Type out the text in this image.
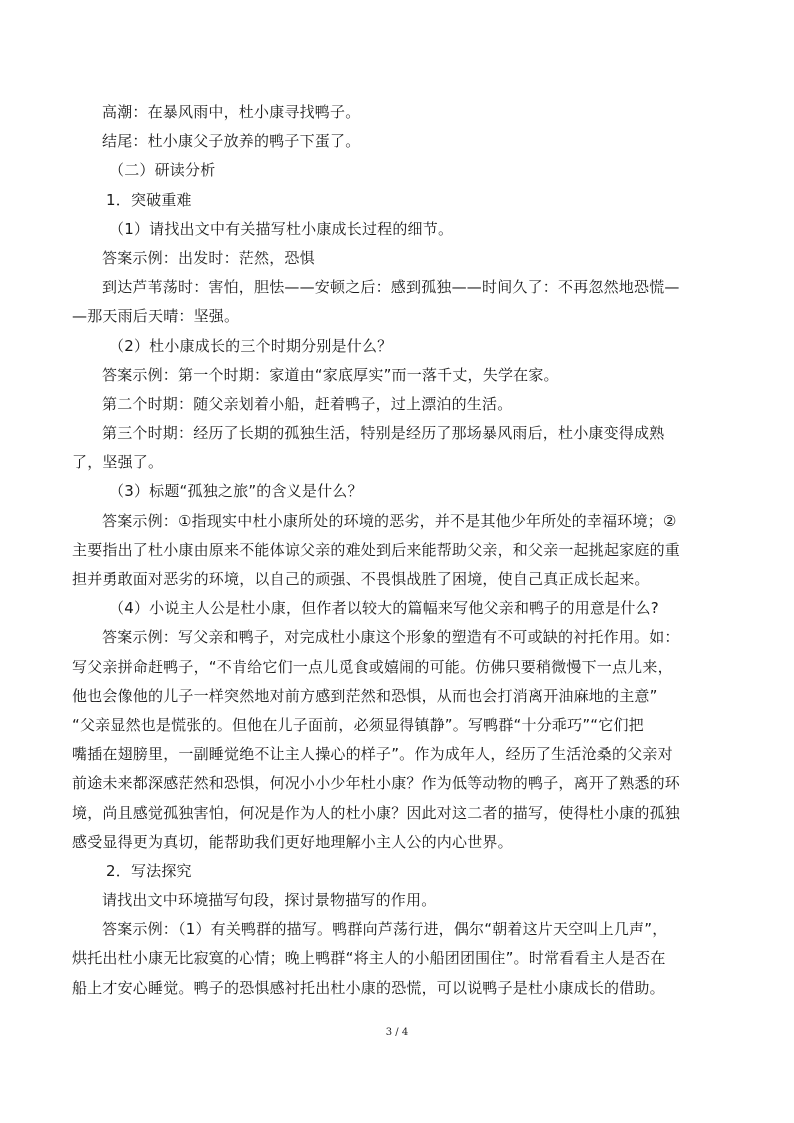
高潮：在暴风雨中，杜小康寻找鸭子。
结尾：杜小康父子放养的鸭子下蛋了。
（二）研读分析
1．突破重难
（1）请找出文中有关描写杜小康成长过程的细节。
答案示例：出发时：茫然，恐惧
到达芦苇荡时：害怕，胆怯——安顿之后：感到孤独——时间久了：不再忽然地恐慌—
—那天雨后天晴：坚强。
（2）杜小康成长的三个时期分别是什么？
答案示例：第一个时期：家道由“家底厚实”而一落千丈，失学在家。
第二个时期：随父亲划着小船，赶着鸭子，过上漂泊的生活。
第三个时期：经历了长期的孤独生活，特别是经历了那场暴风雨后，杜小康变得成熟
了，坚强了。
（3）标题“孤独之旅”的含义是什么？
答案示例：①指现实中杜小康所处的环境的恶劣，并不是其他少年所处的幸福环境；②
主要指出了杜小康由原来不能体谅父亲的难处到后来能帮助父亲，和父亲一起挑起家庭的重
担并勇敢面对恶劣的环境，以自己的顽强、不畏惧战胜了困境，使自己真正成长起来。
（4）小说主人公是杜小康，但作者以较大的篇幅来写他父亲和鸭子的用意是什么?
答案示例：写父亲和鸭子，对完成杜小康这个形象的塑造有不可或缺的衬托作用。如：
写父亲拼命赶鸭子，“不肯给它们一点儿觅食或嬉闹的可能。仿佛只要稍微慢下一点儿来，
他也会像他的儿子一样突然地对前方感到茫然和恐惧，从而也会打消离开油麻地的主意”
“父亲显然也是慌张的。但他在儿子面前，必须显得镇静”。写鸭群“十分乖巧”“它们把
嘴插在翅膀里，一副睡觉绝不让主人操心的样子”。作为成年人，经历了生活沧桑的父亲对
前途未来都深感茫然和恐惧，何况小小少年杜小康？作为低等动物的鸭子，离开了熟悉的环
境，尚且感觉孤独害怕，何况是作为人的杜小康？因此对这二者的描写，使得杜小康的孤独
感受显得更为真切，能帮助我们更好地理解小主人公的内心世界。
2．写法探究
请找出文中环境描写句段，探讨景物描写的作用。
答案示例：（1）有关鸭群的描写。鸭群向芦荡行进，偶尔“朝着这片天空叫上几声”，
烘托出杜小康无比寂寞的心情；晚上鸭群“将主人的小船团团围住”。时常看看主人是否在
船上才安心睡觉。鸭子的恐惧感衬托出杜小康的恐慌，可以说鸭子是杜小康成长的借助。
3 / 4
